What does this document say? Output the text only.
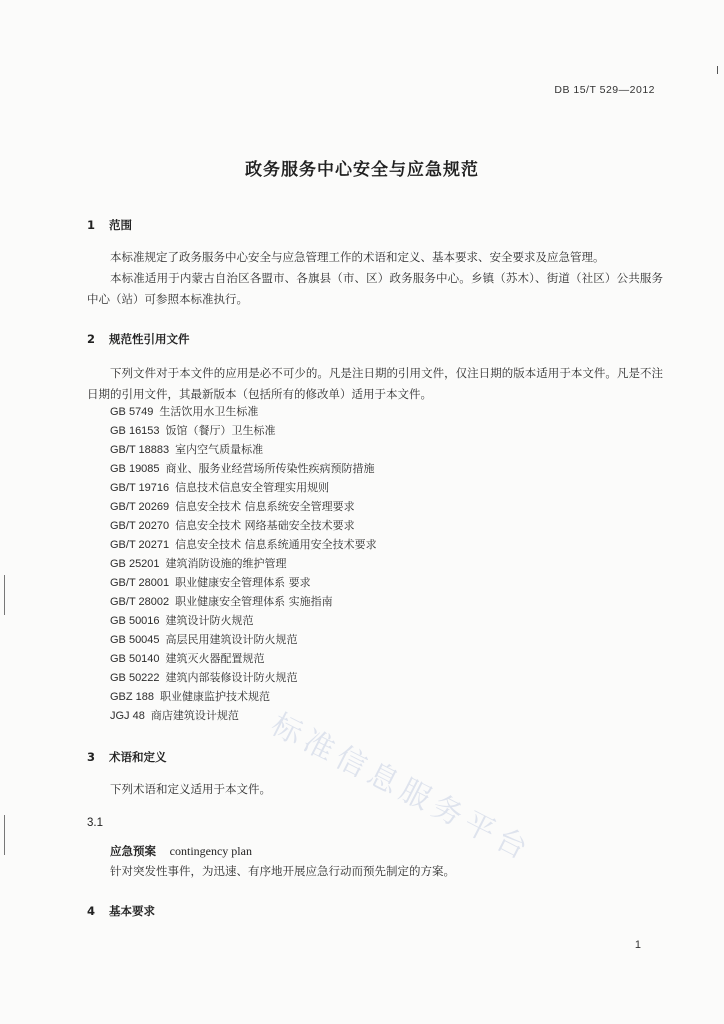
DB 15/T 529—2012
政务服务中心安全与应急规范
1 范围
本标准规定了政务服务中心安全与应急管理工作的术语和定义、基本要求、安全要求及应急管理。
本标准适用于内蒙古自治区各盟市、各旗县（市、区）政务服务中心。乡镇（苏木）、街道（社区）公共服务中心（站）可参照本标准执行。
2 规范性引用文件
下列文件对于本文件的应用是必不可少的。凡是注日期的引用文件，仅注日期的版本适用于本文件。凡是不注日期的引用文件，其最新版本（包括所有的修改单）适用于本文件。
GB 5749 生活饮用水卫生标准
GB 16153 饭馆（餐厅）卫生标准
GB/T 18883 室内空气质量标准
GB 19085 商业、服务业经营场所传染性疾病预防措施
GB/T 19716 信息技术信息安全管理实用规则
GB/T 20269 信息安全技术 信息系统安全管理要求
GB/T 20270 信息安全技术 网络基础安全技术要求
GB/T 20271 信息安全技术 信息系统通用安全技术要求
GB 25201 建筑消防设施的维护管理
GB/T 28001 职业健康安全管理体系 要求
GB/T 28002 职业健康安全管理体系 实施指南
GB 50016 建筑设计防火规范
GB 50045 高层民用建筑设计防火规范
GB 50140 建筑灭火器配置规范
GB 50222 建筑内部装修设计防火规范
GBZ 188 职业健康监护技术规范
JGJ 48 商店建筑设计规范
3 术语和定义
下列术语和定义适用于本文件。
3.1
应急预案 contingency plan
针对突发性事件，为迅速、有序地开展应急行动而预先制定的方案。
4 基本要求
标准信息服务平台
1
